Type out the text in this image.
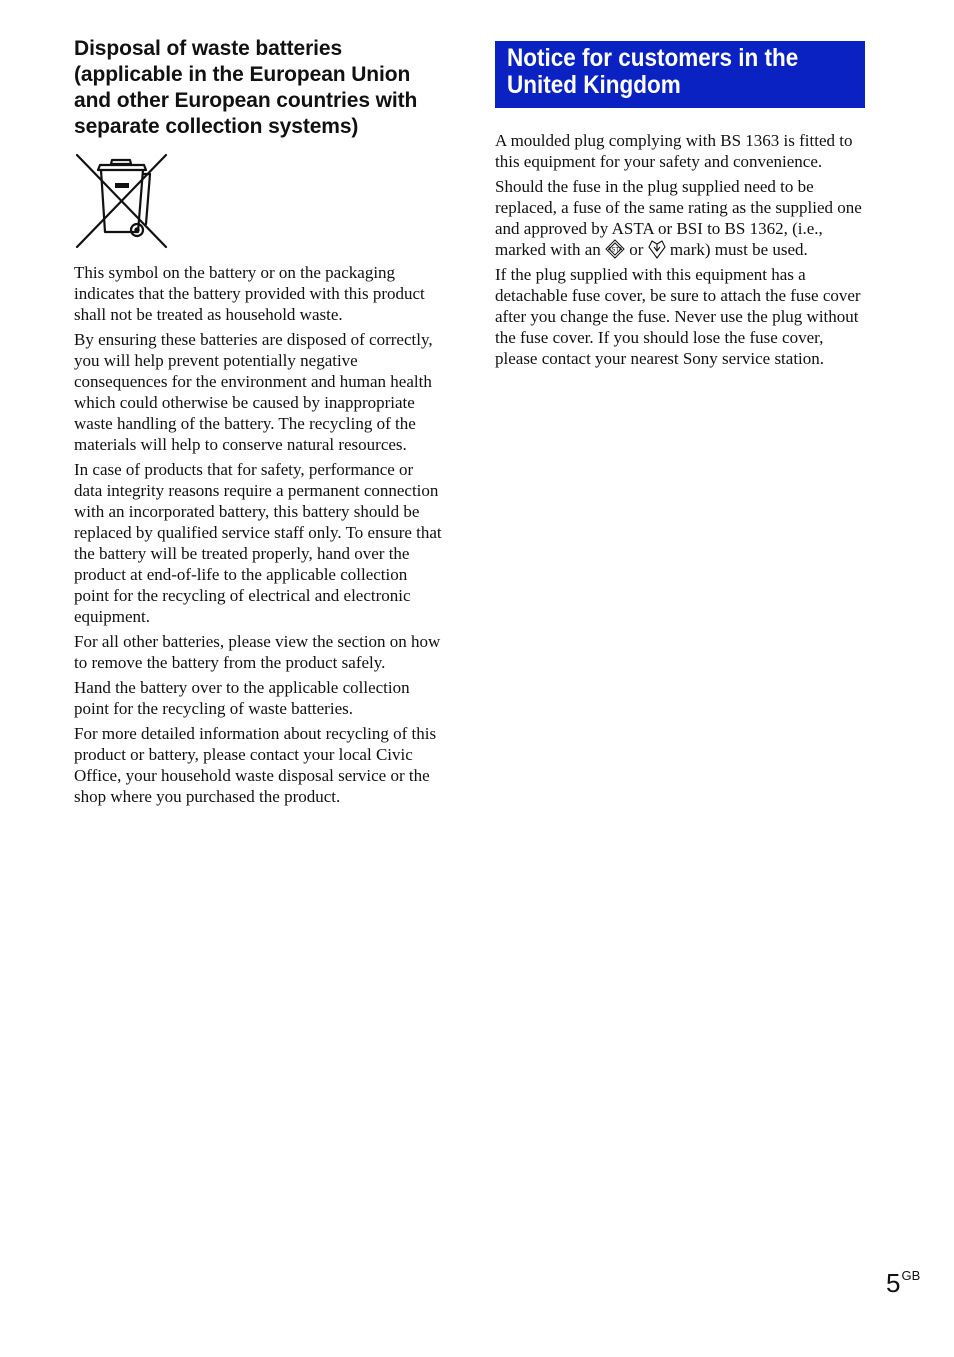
Disposal of waste batteries
(applicable in the European Union
and other European countries with
separate collection systems)

This symbol on the battery or on the packaging indicates that the battery provided with this product shall not be treated as household waste.

By ensuring these batteries are disposed of correctly, you will help prevent potentially negative consequences for the environment and human health which could otherwise be caused by inappropriate waste handling of the battery. The recycling of the materials will help to conserve natural resources.

In case of products that for safety, performance or data integrity reasons require a permanent connection with an incorporated battery, this battery should be replaced by qualified service staff only. To ensure that the battery will be treated properly, hand over the product at end-of-life to the applicable collection point for the recycling of electrical and electronic equipment.

For all other batteries, please view the section on how to remove the battery from the product safely.

Hand the battery over to the applicable collection point for the recycling of waste batteries.

For more detailed information about recycling of this product or battery, please contact your local Civic Office, your household waste disposal service or the shop where you purchased the product.

Notice for customers in the
United Kingdom

A moulded plug complying with BS 1363 is fitted to this equipment for your safety and convenience.

Should the fuse in the plug supplied need to be replaced, a fuse of the same rating as the supplied one and approved by ASTA or BSI to BS 1362, (i.e., marked with an ASTA or  mark) must be used.

If the plug supplied with this equipment has a detachable fuse cover, be sure to attach the fuse cover after you change the fuse. Never use the plug without the fuse cover. If you should lose the fuse cover, please contact your nearest Sony service station.

$5^{GB}$
